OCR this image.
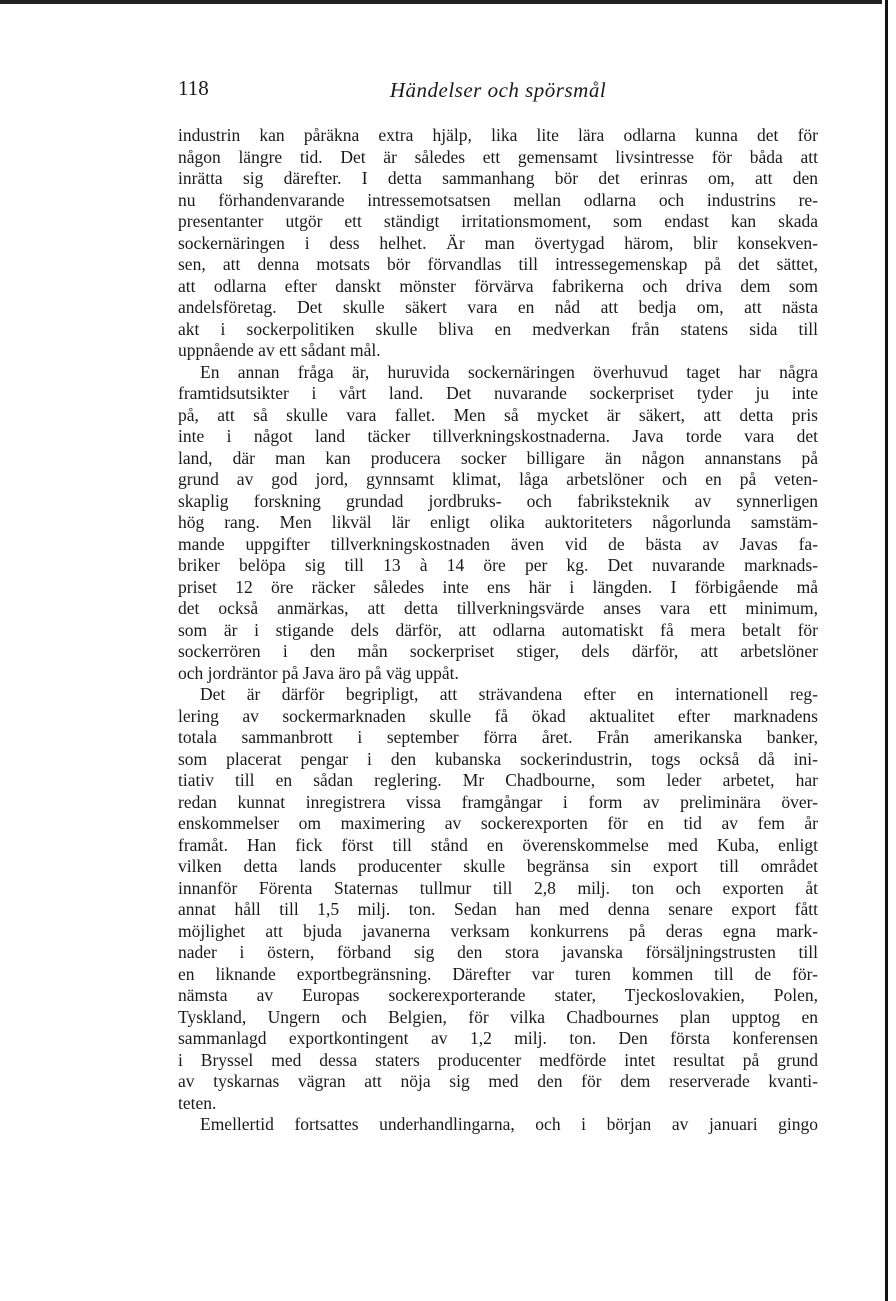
118	Händelser och spörsmål
industrin kan påräkna extra hjälp, lika lite lära odlarna kunna det för
någon längre tid. Det är således ett gemensamt livsintresse för båda att
inrätta sig därefter. I detta sammanhang bör det erinras om, att den
nu förhandenvarande intressemotsatsen mellan odlarna och industrins re-
presentanter utgör ett ständigt irritationsmoment, som endast kan skada
sockernäringen i dess helhet. Är man övertygad härom, blir konsekven-
sen, att denna motsats bör förvandlas till intressegemenskap på det sättet,
att odlarna efter danskt mönster förvärva fabrikerna och driva dem som
andelsföretag. Det skulle säkert vara en nåd att bedja om, att nästa
akt i sockerpolitiken skulle bliva en medverkan från statens sida till
uppnående av ett sådant mål.
En annan fråga är, huruvida sockernäringen överhuvud taget har några
framtidsutsikter i vårt land. Det nuvarande sockerpriset tyder ju inte
på, att så skulle vara fallet. Men så mycket är säkert, att detta pris
inte i något land täcker tillverkningskostnaderna. Java torde vara det
land, där man kan producera socker billigare än någon annanstans på
grund av god jord, gynnsamt klimat, låga arbetslöner och en på veten-
skaplig forskning grundad jordbruks- och fabriksteknik av synnerligen
hög rang. Men likväl lär enligt olika auktoriteters någorlunda samstäm-
mande uppgifter tillverkningskostnaden även vid de bästa av Javas fa-
briker belöpa sig till 13 à 14 öre per kg. Det nuvarande marknads-
priset 12 öre räcker således inte ens här i längden. I förbigående må
det också anmärkas, att detta tillverkningsvärde anses vara ett minimum,
som är i stigande dels därför, att odlarna automatiskt få mera betalt för
sockerrören i den mån sockerpriset stiger, dels därför, att arbetslöner
och jordräntor på Java äro på väg uppåt.
Det är därför begripligt, att strävandena efter en internationell reg-
lering av sockermarknaden skulle få ökad aktualitet efter marknadens
totala sammanbrott i september förra året. Från amerikanska banker,
som placerat pengar i den kubanska sockerindustrin, togs också då ini-
tiativ till en sådan reglering. Mr Chadbourne, som leder arbetet, har
redan kunnat inregistrera vissa framgångar i form av preliminära över-
enskommelser om maximering av sockerexporten för en tid av fem år
framåt. Han fick först till stånd en överenskommelse med Kuba, enligt
vilken detta lands producenter skulle begränsa sin export till området
innanför Förenta Staternas tullmur till 2,8 milj. ton och exporten åt
annat håll till 1,5 milj. ton. Sedan han med denna senare export fått
möjlighet att bjuda javanerna verksam konkurrens på deras egna mark-
nader i östern, förband sig den stora javanska försäljningstrusten till
en liknande exportbegränsning. Därefter var turen kommen till de för-
nämsta av Europas sockerexporterande stater, Tjeckoslovakien, Polen,
Tyskland, Ungern och Belgien, för vilka Chadbournes plan upptog en
sammanlagd exportkontingent av 1,2 milj. ton. Den första konferensen
i Bryssel med dessa staters producenter medförde intet resultat på grund
av tyskarnas vägran att nöja sig med den för dem reserverade kvanti-
teten.
Emellertid fortsattes underhandlingarna, och i början av januari gingo
